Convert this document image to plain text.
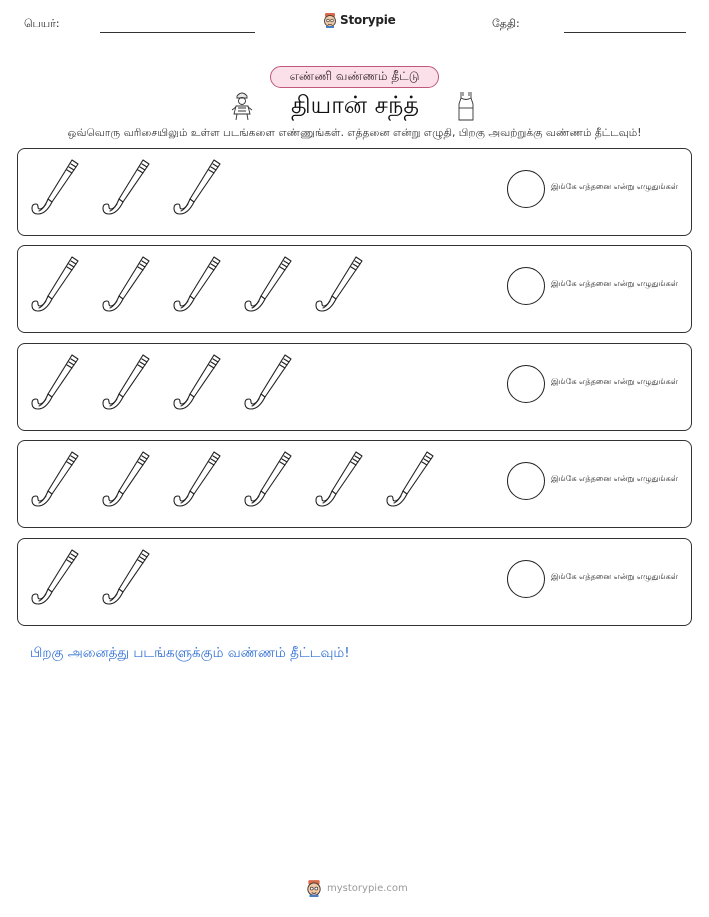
பெயர்:	Storypie	தேதி:
எண்ணி வண்ணம் தீட்டு
தியான் சந்த்
ஒவ்வொரு வரிசையிலும் உள்ள படங்களை எண்ணுங்கள். எத்தனை என்று எழுதி, பிறகு அவற்றுக்கு வண்ணம் தீட்டவும்!
இங்கே எத்தனை என்று எழுதுங்கள்
இங்கே எத்தனை என்று எழுதுங்கள்
இங்கே எத்தனை என்று எழுதுங்கள்
இங்கே எத்தனை என்று எழுதுங்கள்
இங்கே எத்தனை என்று எழுதுங்கள்
பிறகு அனைத்து படங்களுக்கும் வண்ணம் தீட்டவும்!
mystorypie.com
